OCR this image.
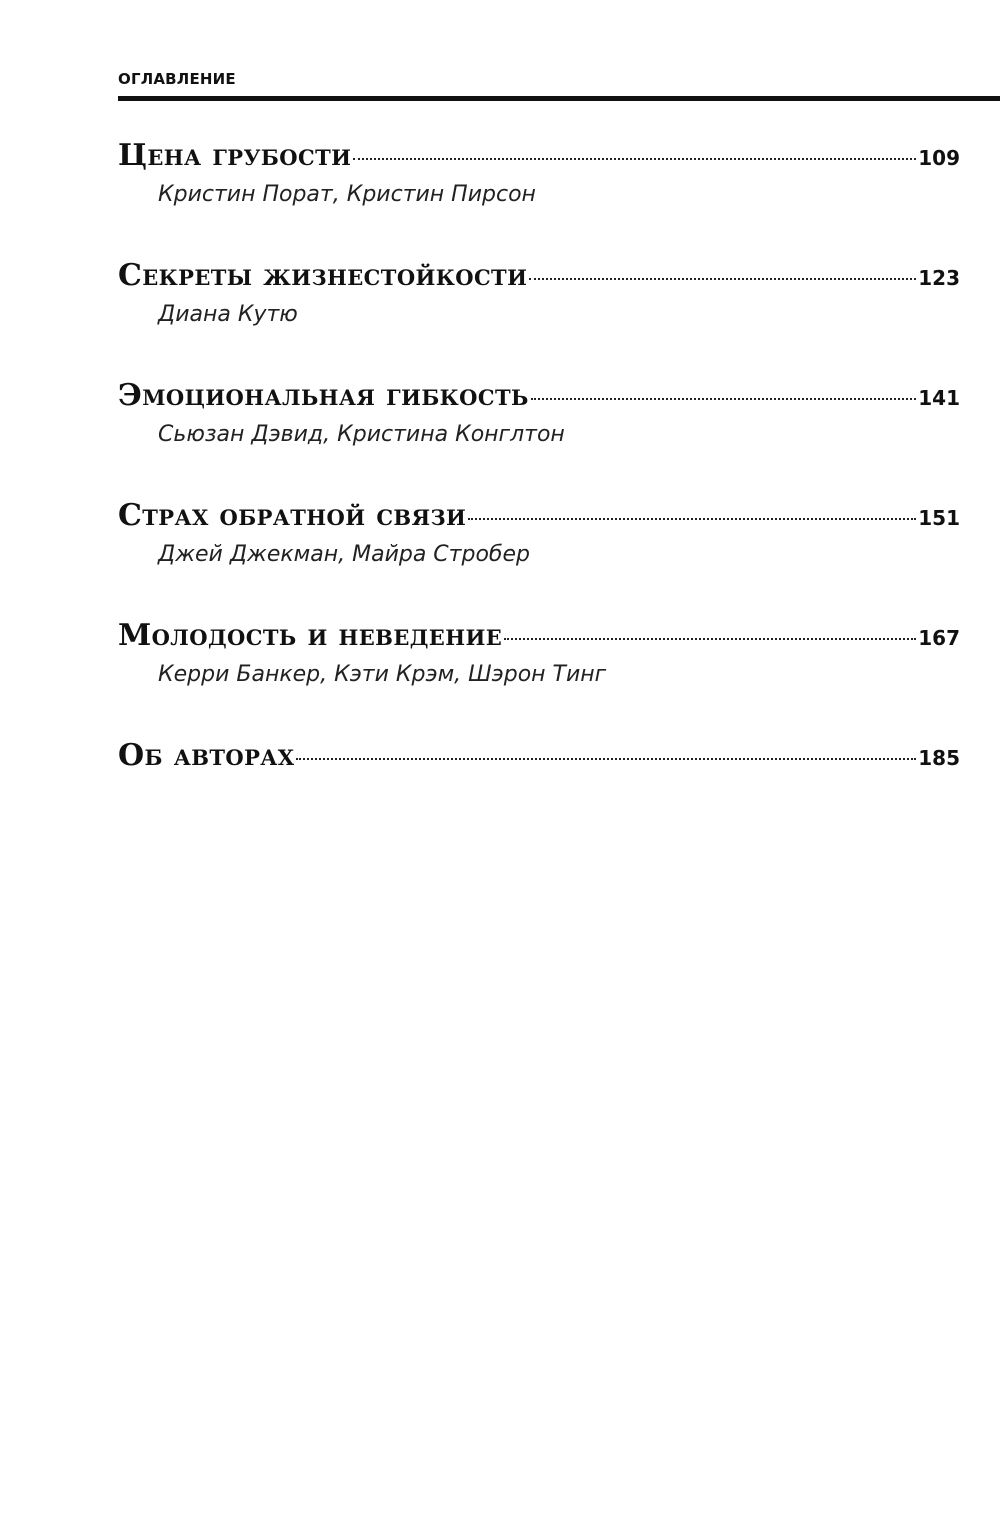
ОГЛАВЛЕНИЕ
Цена грубости	109
Кристин Порат, Кристин Пирсон
Секреты жизнестойкости	123
Диана Кутю
Эмоциональная гибкость	141
Сьюзан Дэвид, Кристина Конглтон
Страх обратной связи	151
Джей Джекман, Майра Стробер
Молодость и неведение	167
Керри Банкер, Кэти Крэм, Шэрон Тинг
Об авторах	185
